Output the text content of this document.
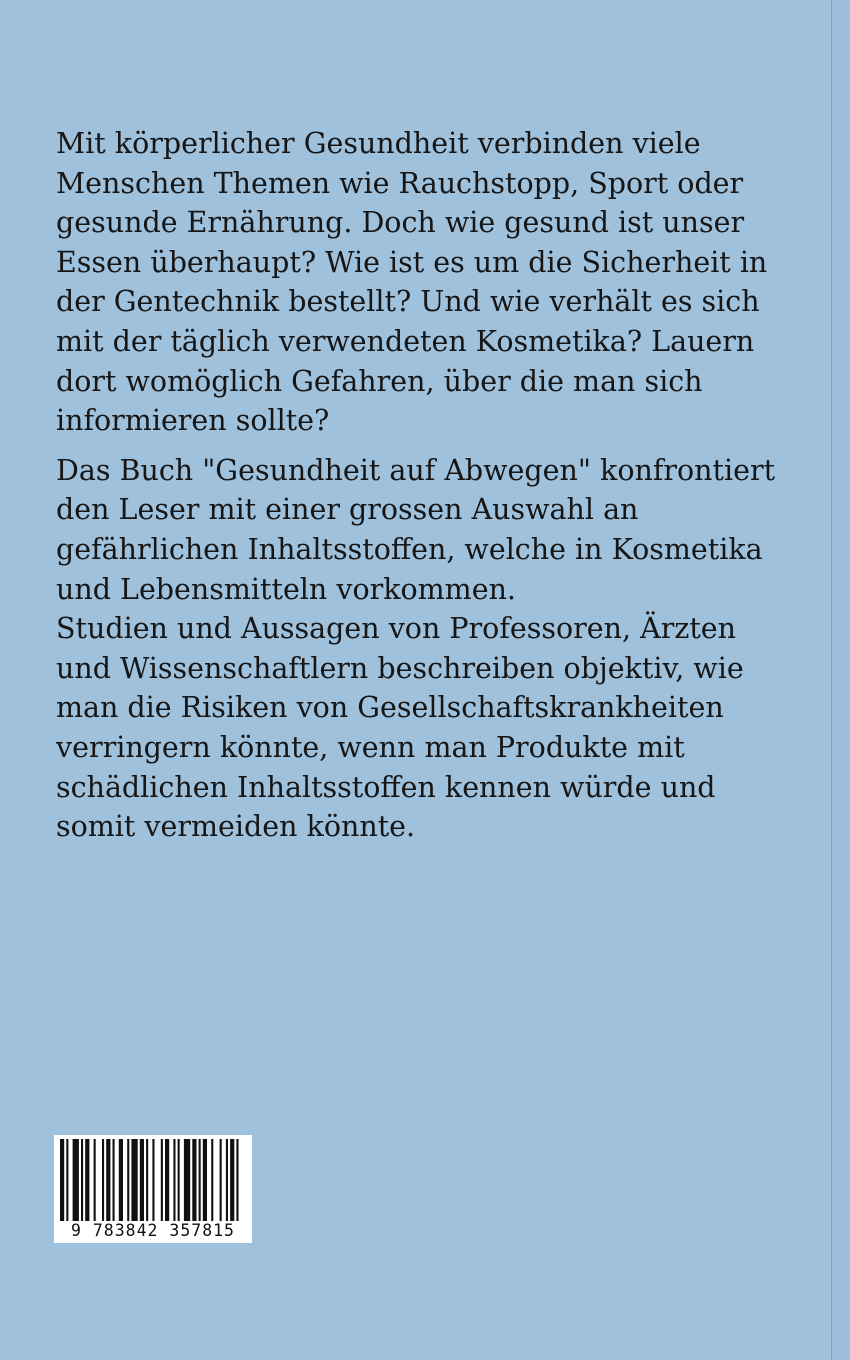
Mit körperlicher Gesundheit verbinden viele Menschen Themen wie Rauchstopp, Sport oder gesunde Ernährung. Doch wie gesund ist unser Essen überhaupt? Wie ist es um die Sicherheit in der Gentechnik bestellt? Und wie verhält es sich mit der täglich verwendeten Kosmetika? Lauern dort womöglich Gefahren, über die man sich informieren sollte?

Das Buch "Gesundheit auf Abwegen" konfrontiert den Leser mit einer grossen Auswahl an gefährlichen Inhaltsstoffen, welche in Kosmetika und Lebensmitteln vorkommen.

Studien und Aussagen von Professoren, Ärzten und Wissenschaftlern beschreiben objektiv, wie man die Risiken von Gesellschaftskrankheiten verringern könnte, wenn man Produkte mit schädlichen Inhaltsstoffen kennen würde und somit vermeiden könnte.

9 783842 357815
